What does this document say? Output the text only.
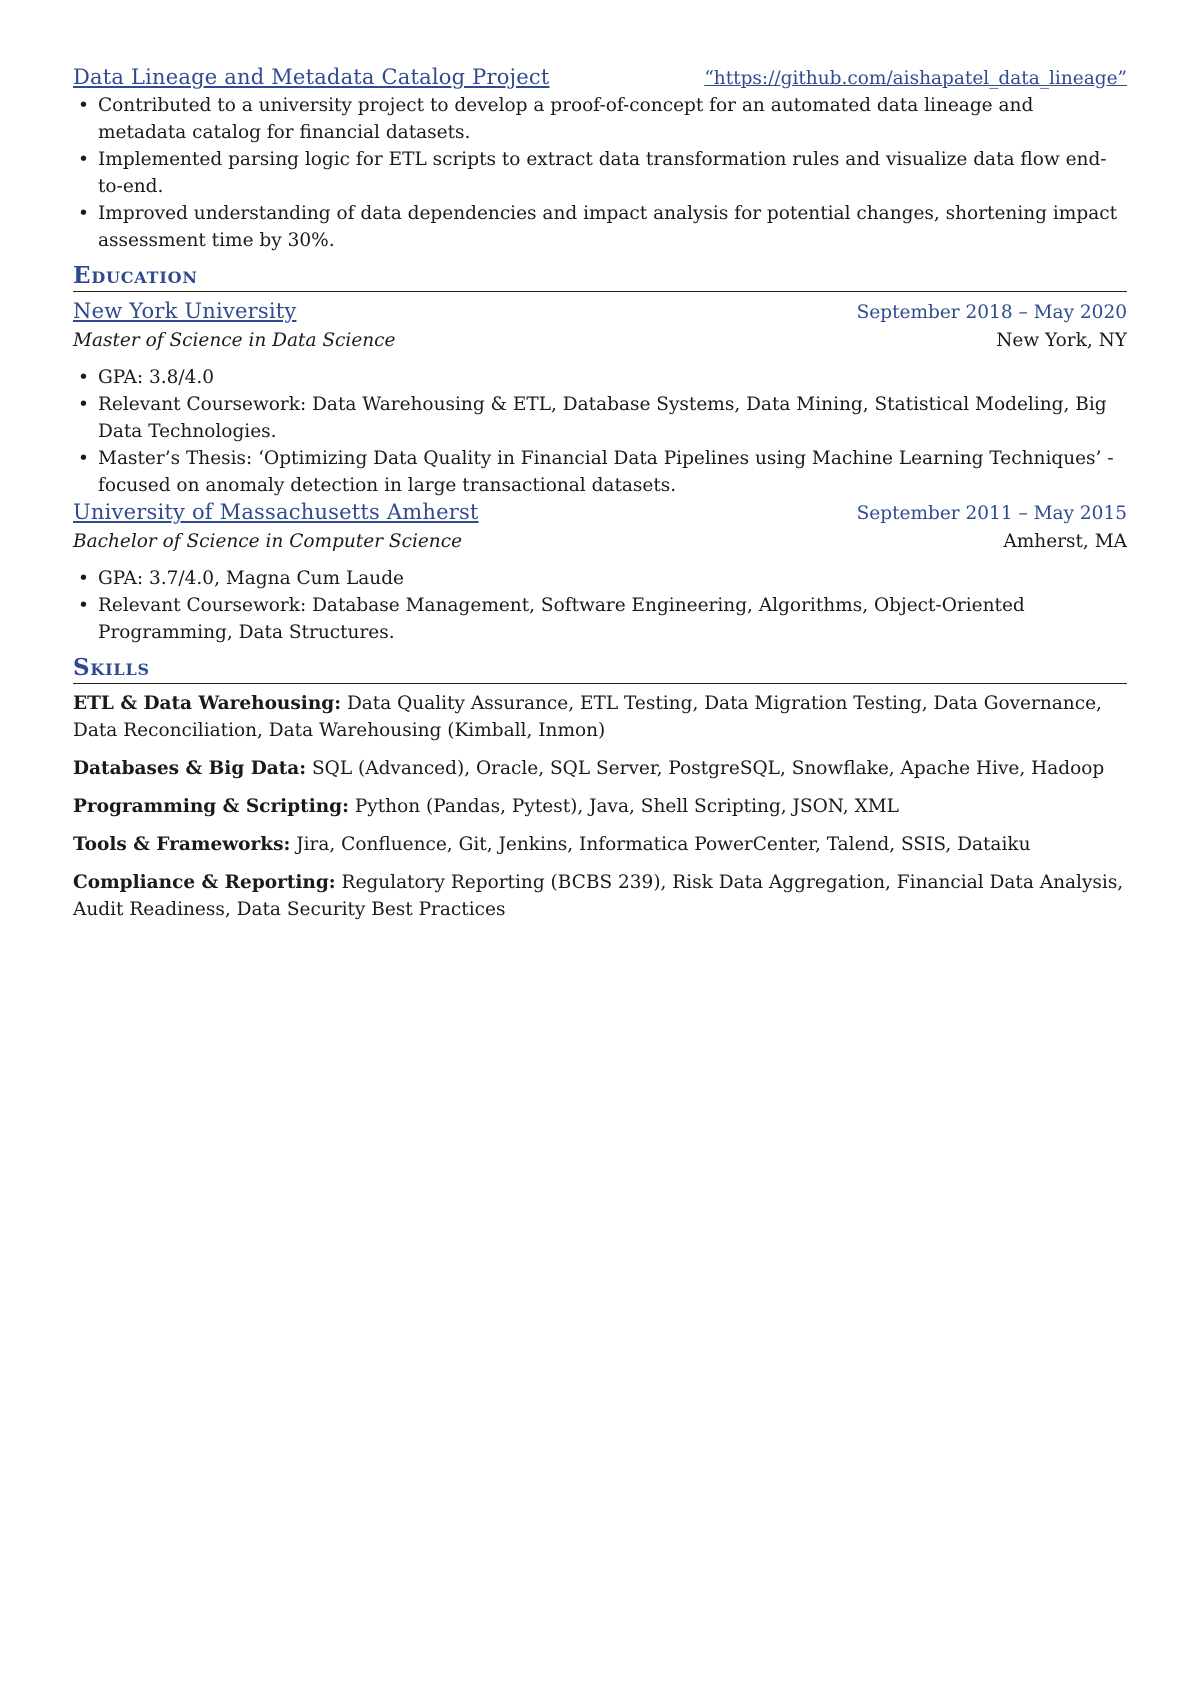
Data Lineage and Metadata Catalog Project	“https://github.com/aishapatel_data_lineage”
• Contributed to a university project to develop a proof-of-concept for an automated data lineage and metadata catalog for financial datasets.
• Implemented parsing logic for ETL scripts to extract data transformation rules and visualize data flow end-to-end.
• Improved understanding of data dependencies and impact analysis for potential changes, shortening impact assessment time by 30%.
Education
New York University	September 2018 – May 2020
Master of Science in Data Science	New York, NY
• GPA: 3.8/4.0
• Relevant Coursework: Data Warehousing & ETL, Database Systems, Data Mining, Statistical Modeling, Big Data Technologies.
• Master’s Thesis: ‘Optimizing Data Quality in Financial Data Pipelines using Machine Learning Techniques’ - focused on anomaly detection in large transactional datasets.
University of Massachusetts Amherst	September 2011 – May 2015
Bachelor of Science in Computer Science	Amherst, MA
• GPA: 3.7/4.0, Magna Cum Laude
• Relevant Coursework: Database Management, Software Engineering, Algorithms, Object-Oriented Programming, Data Structures.
Skills
ETL & Data Warehousing: Data Quality Assurance, ETL Testing, Data Migration Testing, Data Governance, Data Reconciliation, Data Warehousing (Kimball, Inmon)
Databases & Big Data: SQL (Advanced), Oracle, SQL Server, PostgreSQL, Snowflake, Apache Hive, Hadoop
Programming & Scripting: Python (Pandas, Pytest), Java, Shell Scripting, JSON, XML
Tools & Frameworks: Jira, Confluence, Git, Jenkins, Informatica PowerCenter, Talend, SSIS, Dataiku
Compliance & Reporting: Regulatory Reporting (BCBS 239), Risk Data Aggregation, Financial Data Analysis, Audit Readiness, Data Security Best Practices
